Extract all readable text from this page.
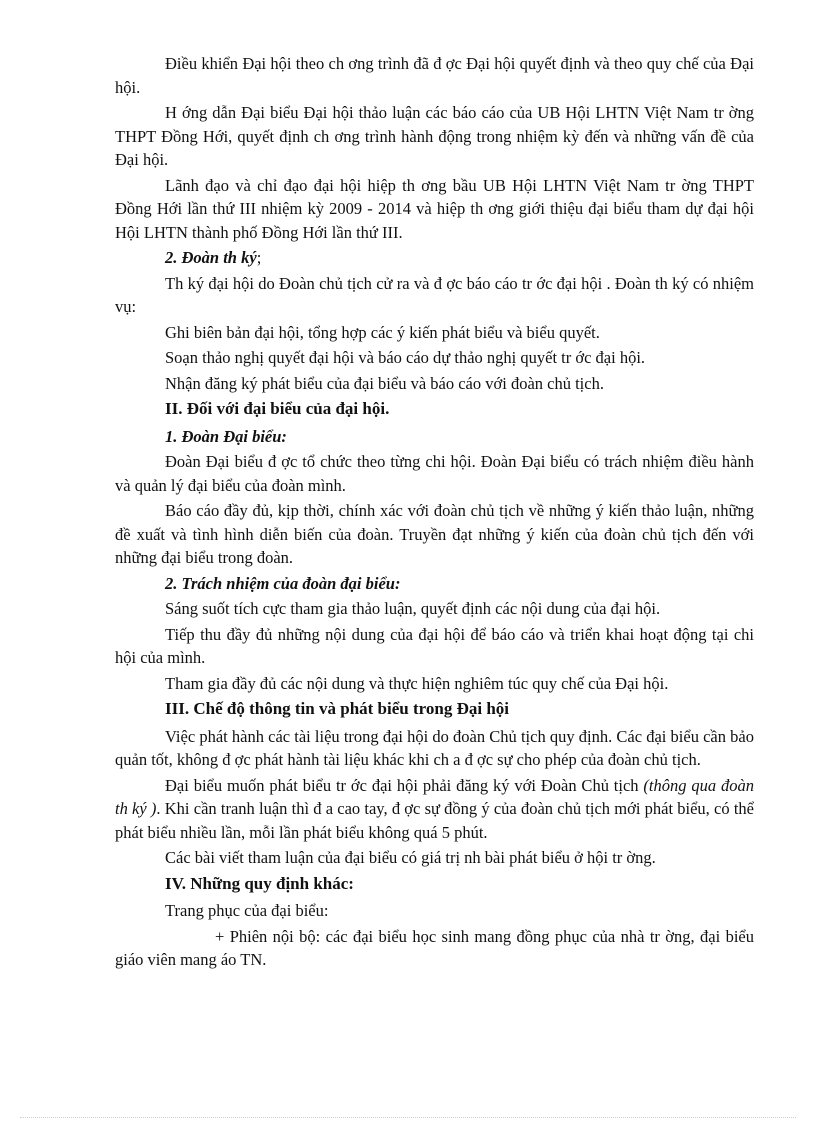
Điều khiển Đại hội theo ch ơng trình đã đ ợc Đại hội quyết định và theo quy chế của Đại hội.

H ớng dẫn Đại biểu Đại hội thảo luận các báo cáo của UB Hội LHTN Việt Nam tr ờng THPT Đồng Hới, quyết định ch ơng trình hành động trong nhiệm kỳ đến và những vấn đề của Đại hội.

Lãnh đạo và chỉ đạo đại hội hiệp th ơng bầu UB Hội LHTN Việt Nam tr ờng THPT Đồng Hới lần thứ III nhiệm kỳ 2009 - 2014 và hiệp th ơng giới thiệu đại biểu tham dự đại hội Hội LHTN thành phố Đồng Hới lần thứ III.

2. Đoàn th ký;

Th ký đại hội do Đoàn chủ tịch cử ra và đ ợc báo cáo tr ớc đại hội . Đoàn th ký có nhiệm vụ:

Ghi biên bản đại hội, tổng hợp các ý kiến phát biểu và biểu quyết.

Soạn thảo nghị quyết đại hội và báo cáo dự thảo nghị quyết tr ớc đại hội.

Nhận đăng ký phát biểu của đại biểu và báo cáo với đoàn chủ tịch.

II. Đối với đại biểu của đại hội.

1. Đoàn Đại biểu:

Đoàn Đại biểu đ ợc tổ chức theo từng chi hội. Đoàn Đại biểu có trách nhiệm điều hành và quản lý đại biểu của đoàn mình.

Báo cáo đầy đủ, kịp thời, chính xác với đoàn chủ tịch về những ý kiến thảo luận, những đề xuất và tình hình diễn biến của đoàn. Truyền đạt những ý kiến của đoàn chủ tịch đến với những đại biểu trong đoàn.

2. Trách nhiệm của đoàn đại biểu:

Sáng suốt tích cực tham gia thảo luận, quyết định các nội dung của đại hội.

Tiếp thu đầy đủ những nội dung của đại hội để báo cáo và triển khai hoạt động tại chi hội của mình.

Tham gia đầy đủ các nội dung và thực hiện nghiêm túc quy chế của Đại hội.

III. Chế độ thông tin và phát biểu trong Đại hội

Việc phát hành các tài liệu trong đại hội do đoàn Chủ tịch quy định. Các đại biểu cần bảo quản tốt, không đ ợc phát hành tài liệu khác khi ch a đ ợc sự cho phép của đoàn chủ tịch.

Đại biểu muốn phát biểu tr ớc đại hội phải đăng ký với Đoàn Chủ tịch (thông qua đoàn th ký ). Khi cần tranh luận thì đ a cao tay, đ ợc sự đồng ý của đoàn chủ tịch mới phát biểu, có thể phát biểu nhiều lần, mỗi lần phát biểu không quá 5 phút.

Các bài viết tham luận của đại biểu có giá trị nh bài phát biểu ở hội tr ờng.

IV. Những quy định khác:

Trang phục của đại biểu:

+ Phiên nội bộ: các đại biểu học sinh mang đồng phục của nhà tr ờng, đại biểu giáo viên mang áo TN.
